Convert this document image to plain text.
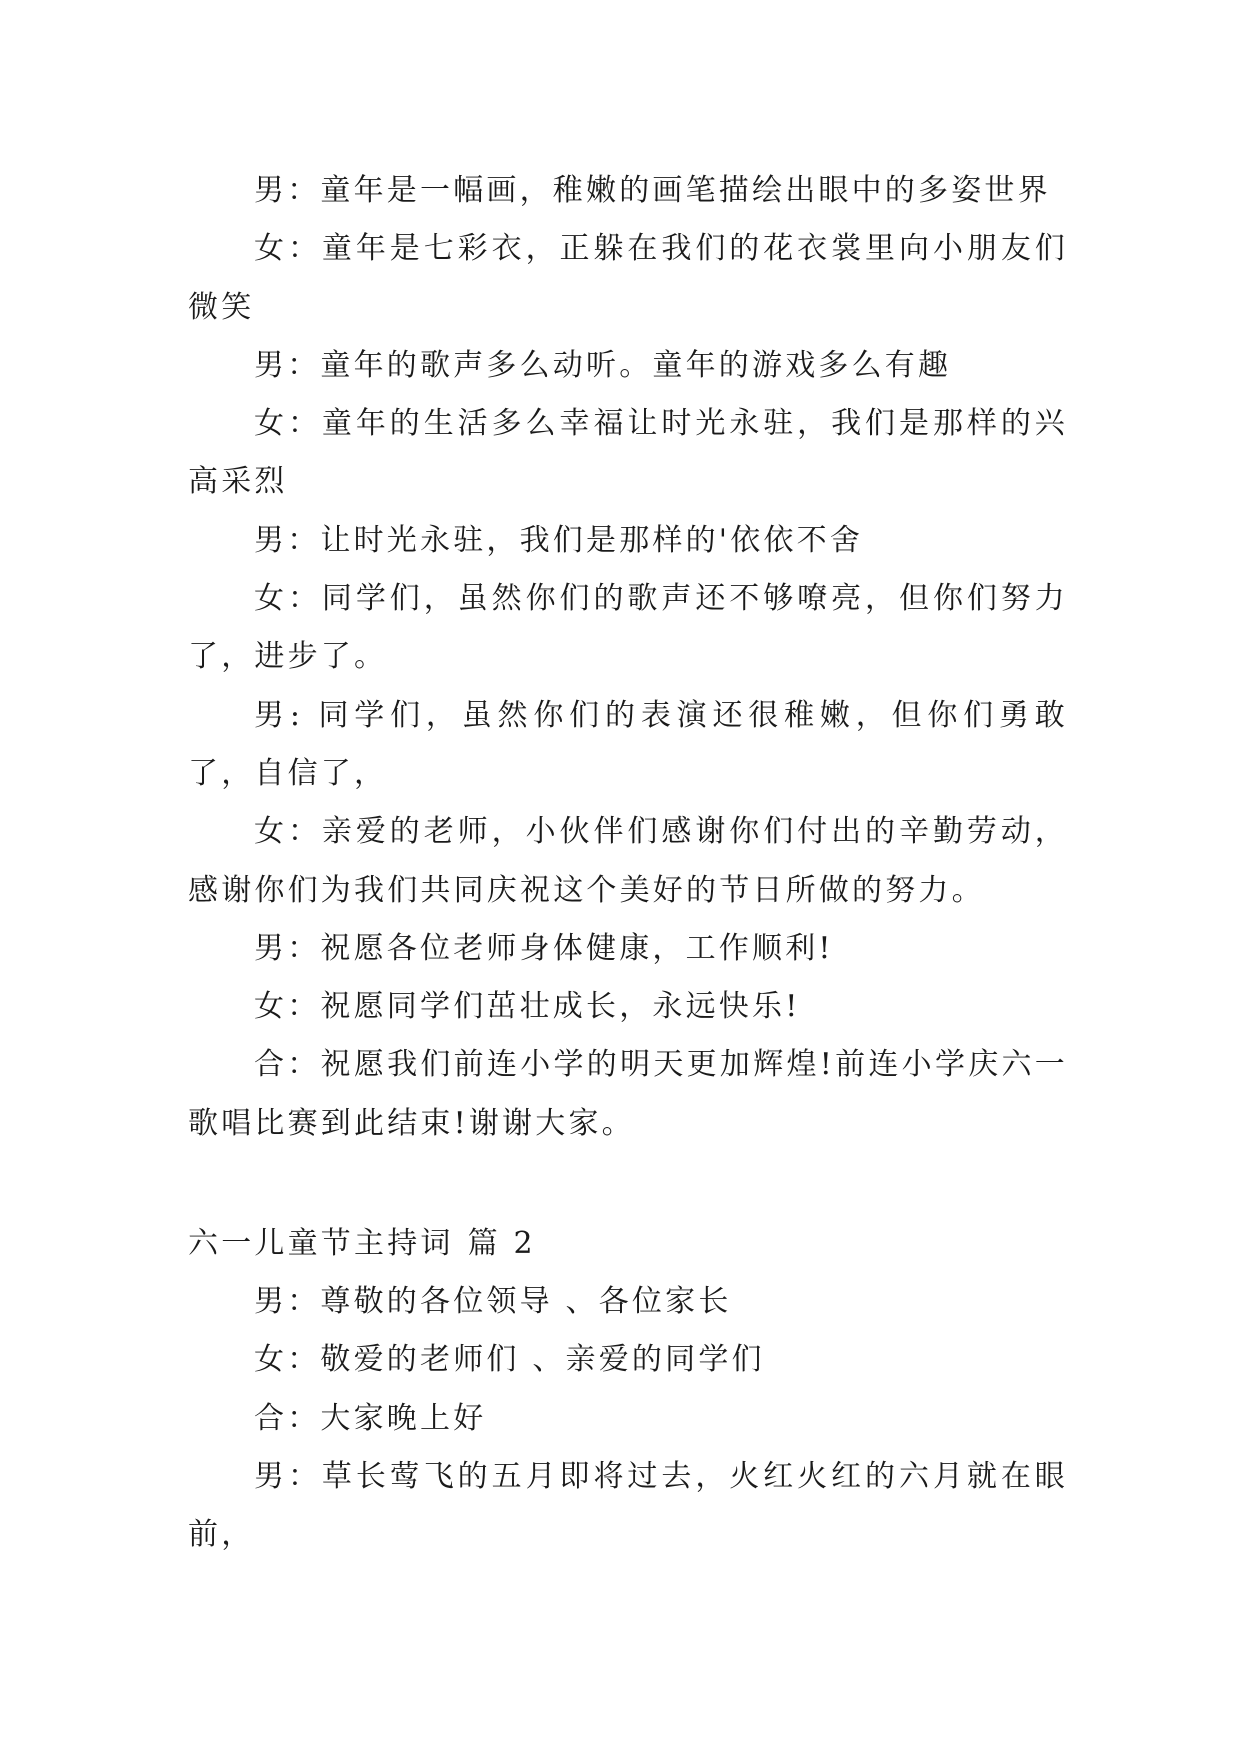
男：童年是一幅画，稚嫩的画笔描绘出眼中的多姿世界

女：童年是七彩衣，正躲在我们的花衣裳里向小朋友们微笑

男：童年的歌声多么动听。童年的游戏多么有趣

女：童年的生活多么幸福让时光永驻，我们是那样的兴高采烈

男：让时光永驻，我们是那样的'依依不舍

女：同学们，虽然你们的歌声还不够嘹亮，但你们努力了，进步了。

男: 同学们，虽然你们的表演还很稚嫩，但你们勇敢了，自信了，

女：亲爱的老师，小伙伴们感谢你们付出的辛勤劳动，感谢你们为我们共同庆祝这个美好的节日所做的努力。

男：祝愿各位老师身体健康，工作顺利!

女：祝愿同学们茁壮成长，永远快乐!

合：祝愿我们前连小学的明天更加辉煌!前连小学庆六一歌唱比赛到此结束!谢谢大家。

六一儿童节主持词 篇 2

男：尊敬的各位领导 、各位家长

女：敬爱的老师们 、亲爱的同学们

合：大家晚上好

男：草长莺飞的五月即将过去，火红火红的六月就在眼前，
